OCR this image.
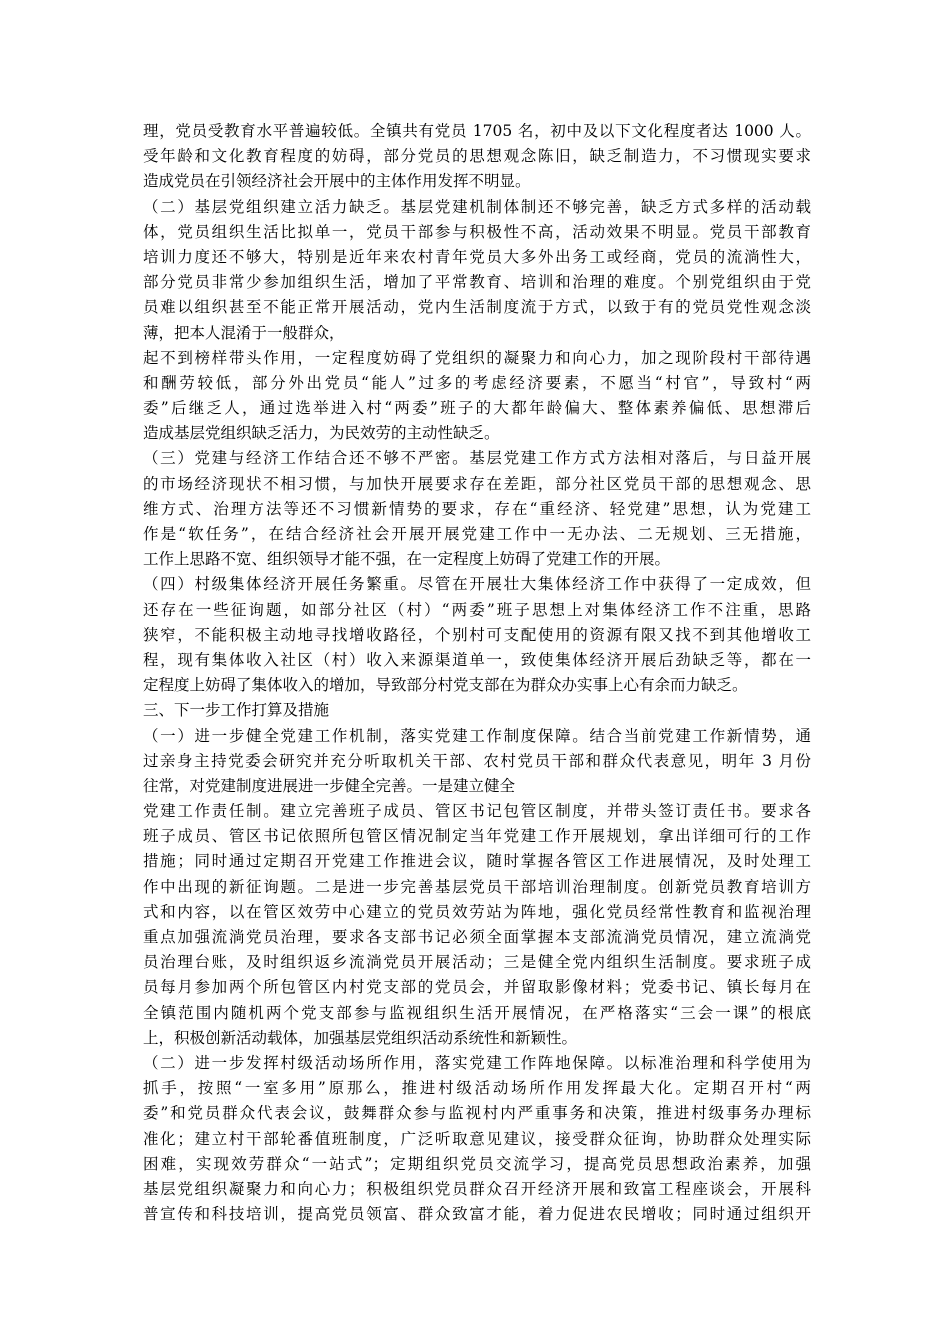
理，党员受教育水平普遍较低。全镇共有党员 1705 名，初中及以下文化程度者达 1000 人。
受年龄和文化教育程度的妨碍，部分党员的思想观念陈旧，缺乏制造力，不习惯现实要求
造成党员在引领经济社会开展中的主体作用发挥不明显。
（二）基层党组织建立活力缺乏。基层党建机制体制还不够完善，缺乏方式多样的活动载
体，党员组织生活比拟单一，党员干部参与积极性不高，活动效果不明显。党员干部教育
培训力度还不够大，特别是近年来农村青年党员大多外出务工或经商，党员的流淌性大，
部分党员非常少参加组织生活，增加了平常教育、培训和治理的难度。个别党组织由于党
员难以组织甚至不能正常开展活动，党内生活制度流于方式，以致于有的党员党性观念淡
薄，把本人混淆于一般群众，
起不到榜样带头作用，一定程度妨碍了党组织的凝聚力和向心力，加之现阶段村干部待遇
和酬劳较低，部分外出党员“能人”过多的考虑经济要素，不愿当“村官”，导致村“两
委”后继乏人，通过选举进入村“两委”班子的大都年龄偏大、整体素养偏低、思想滞后
造成基层党组织缺乏活力，为民效劳的主动性缺乏。
（三）党建与经济工作结合还不够不严密。基层党建工作方式方法相对落后，与日益开展
的市场经济现状不相习惯，与加快开展要求存在差距，部分社区党员干部的思想观念、思
维方式、治理方法等还不习惯新情势的要求，存在“重经济、轻党建”思想，认为党建工
作是“软任务”，在结合经济社会开展开展党建工作中一无办法、二无规划、三无措施，
工作上思路不宽、组织领导才能不强，在一定程度上妨碍了党建工作的开展。
（四）村级集体经济开展任务繁重。尽管在开展壮大集体经济工作中获得了一定成效，但
还存在一些征询题，如部分社区（村）“两委”班子思想上对集体经济工作不注重，思路
狭窄，不能积极主动地寻找增收路径，个别村可支配使用的资源有限又找不到其他增收工
程，现有集体收入社区（村）收入来源渠道单一，致使集体经济开展后劲缺乏等，都在一
定程度上妨碍了集体收入的增加，导致部分村党支部在为群众办实事上心有余而力缺乏。
三、下一步工作打算及措施
（一）进一步健全党建工作机制，落实党建工作制度保障。结合当前党建工作新情势，通
过亲身主持党委会研究并充分听取机关干部、农村党员干部和群众代表意见，明年 3 月份
往常，对党建制度进展进一步健全完善。一是建立健全
党建工作责任制。建立完善班子成员、管区书记包管区制度，并带头签订责任书。要求各
班子成员、管区书记依照所包管区情况制定当年党建工作开展规划，拿出详细可行的工作
措施；同时通过定期召开党建工作推进会议，随时掌握各管区工作进展情况，及时处理工
作中出现的新征询题。二是进一步完善基层党员干部培训治理制度。创新党员教育培训方
式和内容，以在管区效劳中心建立的党员效劳站为阵地，强化党员经常性教育和监视治理
重点加强流淌党员治理，要求各支部书记必须全面掌握本支部流淌党员情况，建立流淌党
员治理台账，及时组织返乡流淌党员开展活动；三是健全党内组织生活制度。要求班子成
员每月参加两个所包管区内村党支部的党员会，并留取影像材料；党委书记、镇长每月在
全镇范围内随机两个党支部参与监视组织生活开展情况，在严格落实“三会一课”的根底
上，积极创新活动载体，加强基层党组织活动系统性和新颖性。
（二）进一步发挥村级活动场所作用，落实党建工作阵地保障。以标准治理和科学使用为
抓手，按照“一室多用”原那么，推进村级活动场所作用发挥最大化。定期召开村“两
委”和党员群众代表会议，鼓舞群众参与监视村内严重事务和决策，推进村级事务办理标
准化；建立村干部轮番值班制度，广泛听取意见建议，接受群众征询，协助群众处理实际
困难，实现效劳群众“一站式”；定期组织党员交流学习，提高党员思想政治素养，加强
基层党组织凝聚力和向心力；积极组织党员群众召开经济开展和致富工程座谈会，开展科
普宣传和科技培训，提高党员领富、群众致富才能，着力促进农民增收；同时通过组织开
